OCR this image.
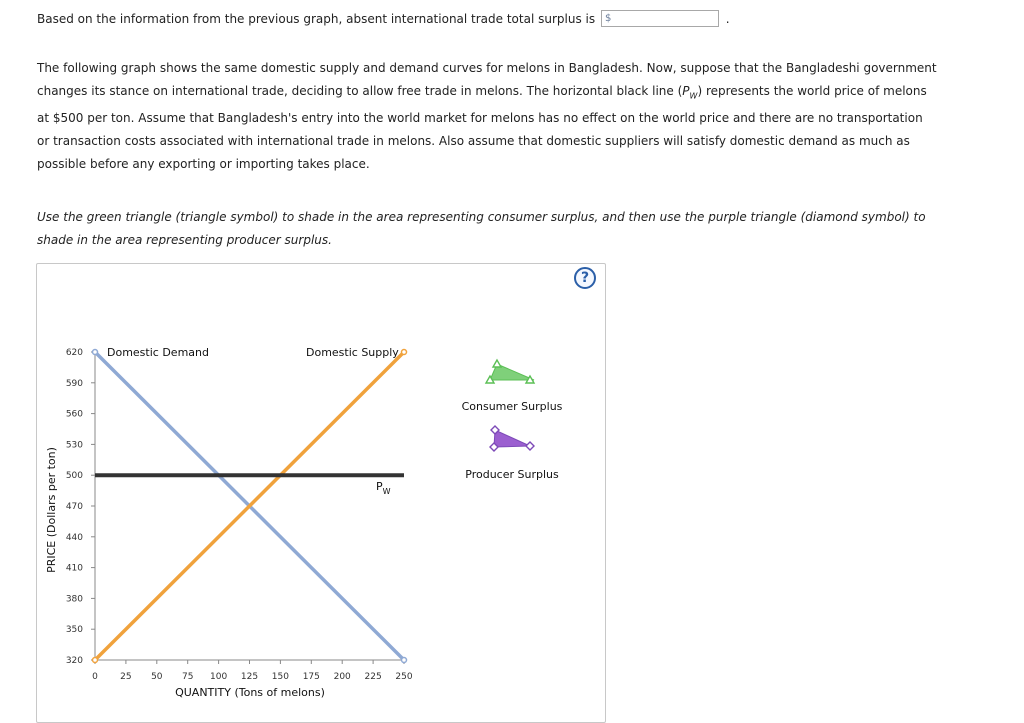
Based on the information from the previous graph, absent international trade total surplus is $	.
The following graph shows the same domestic supply and demand curves for melons in Bangladesh. Now, suppose that the Bangladeshi government changes its stance on international trade, deciding to allow free trade in melons. The horizontal black line $(P_W)$ represents the world price of melons at $500 per ton. Assume that Bangladesh's entry into the world market for melons has no effect on the world price and there are no transportation or transaction costs associated with international trade in melons. Also assume that domestic suppliers will satisfy domestic demand as much as possible before any exporting or importing takes place.
Use the green triangle (triangle symbol) to shade in the area representing consumer surplus, and then use the purple triangle (diamond symbol) to shade in the area representing producer surplus.
?
620
590
560
530
500
470
440
410
380
350
320
0 25 50 75 100 125 150 175 200 225 250
Domestic Demand	Domestic Supply
$P_W$
QUANTITY (Tons of melons)
PRICE (Dollars per ton)
Consumer Surplus
Producer Surplus
